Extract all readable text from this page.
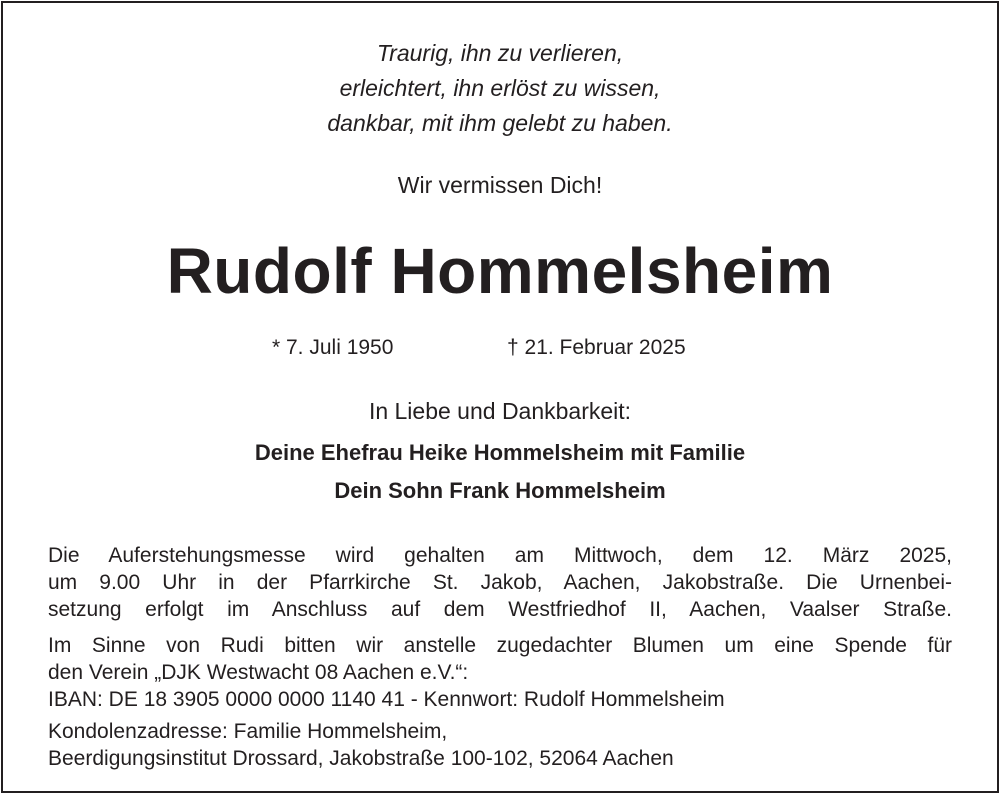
Traurig, ihn zu verlieren,
erleichtert, ihn erlöst zu wissen,
dankbar, mit ihm gelebt zu haben.
Wir vermissen Dich!
Rudolf Hommelsheim
* 7. Juli 1950	† 21. Februar 2025
In Liebe und Dankbarkeit:
Deine Ehefrau Heike Hommelsheim mit Familie
Dein Sohn Frank Hommelsheim
Die Auferstehungsmesse wird gehalten am Mittwoch, dem 12. März 2025,
um 9.00 Uhr in der Pfarrkirche St. Jakob, Aachen, Jakobstraße. Die Urnenbei-
setzung erfolgt im Anschluss auf dem Westfriedhof II, Aachen, Vaalser Straße.
Im Sinne von Rudi bitten wir anstelle zugedachter Blumen um eine Spende für
den Verein „DJK Westwacht 08 Aachen e.V.“:
IBAN: DE 18 3905 0000 0000 1140 41 - Kennwort: Rudolf Hommelsheim
Kondolenzadresse: Familie Hommelsheim,
Beerdigungsinstitut Drossard, Jakobstraße 100-102, 52064 Aachen
